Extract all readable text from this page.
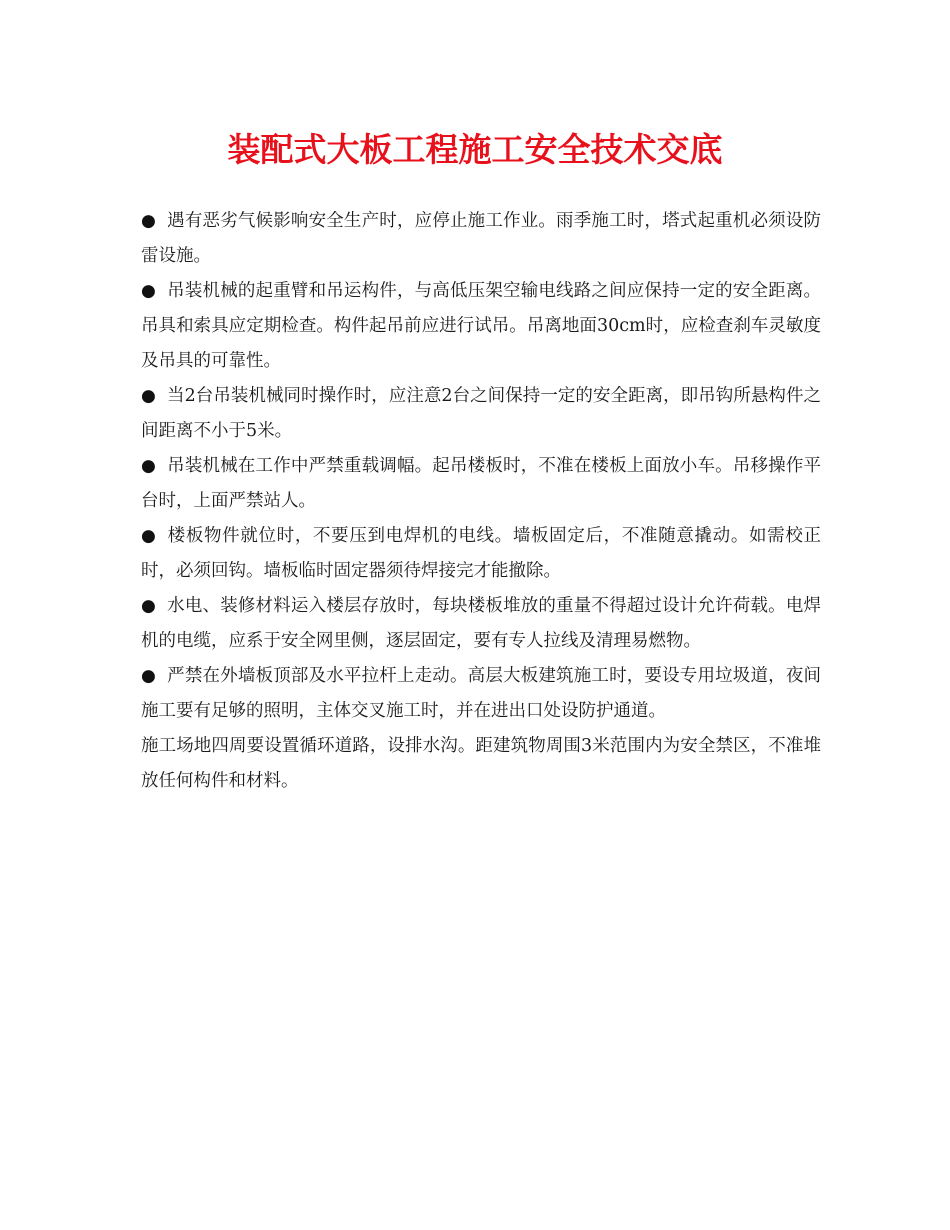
装配式大板工程施工安全技术交底

● 遇有恶劣气候影响安全生产时，应停止施工作业。雨季施工时，塔式起重机必须设防雷设施。

● 吊装机械的起重臂和吊运构件，与高低压架空输电线路之间应保持一定的安全距离。吊具和索具应定期检查。构件起吊前应进行试吊。吊离地面30cm时，应检查刹车灵敏度及吊具的可靠性。

● 当2台吊装机械同时操作时，应注意2台之间保持一定的安全距离，即吊钩所悬构件之间距离不小于5米。

● 吊装机械在工作中严禁重载调幅。起吊楼板时，不准在楼板上面放小车。吊移操作平台时，上面严禁站人。

● 楼板物件就位时，不要压到电焊机的电线。墙板固定后，不准随意撬动。如需校正时，必须回钩。墙板临时固定器须待焊接完才能撤除。

● 水电、装修材料运入楼层存放时，每块楼板堆放的重量不得超过设计允许荷载。电焊机的电缆，应系于安全网里侧，逐层固定，要有专人拉线及清理易燃物。

● 严禁在外墙板顶部及水平拉杆上走动。高层大板建筑施工时，要设专用垃圾道，夜间施工要有足够的照明，主体交叉施工时，并在进出口处设防护通道。

施工场地四周要设置循环道路，设排水沟。距建筑物周围3米范围内为安全禁区，不准堆放任何构件和材料。
